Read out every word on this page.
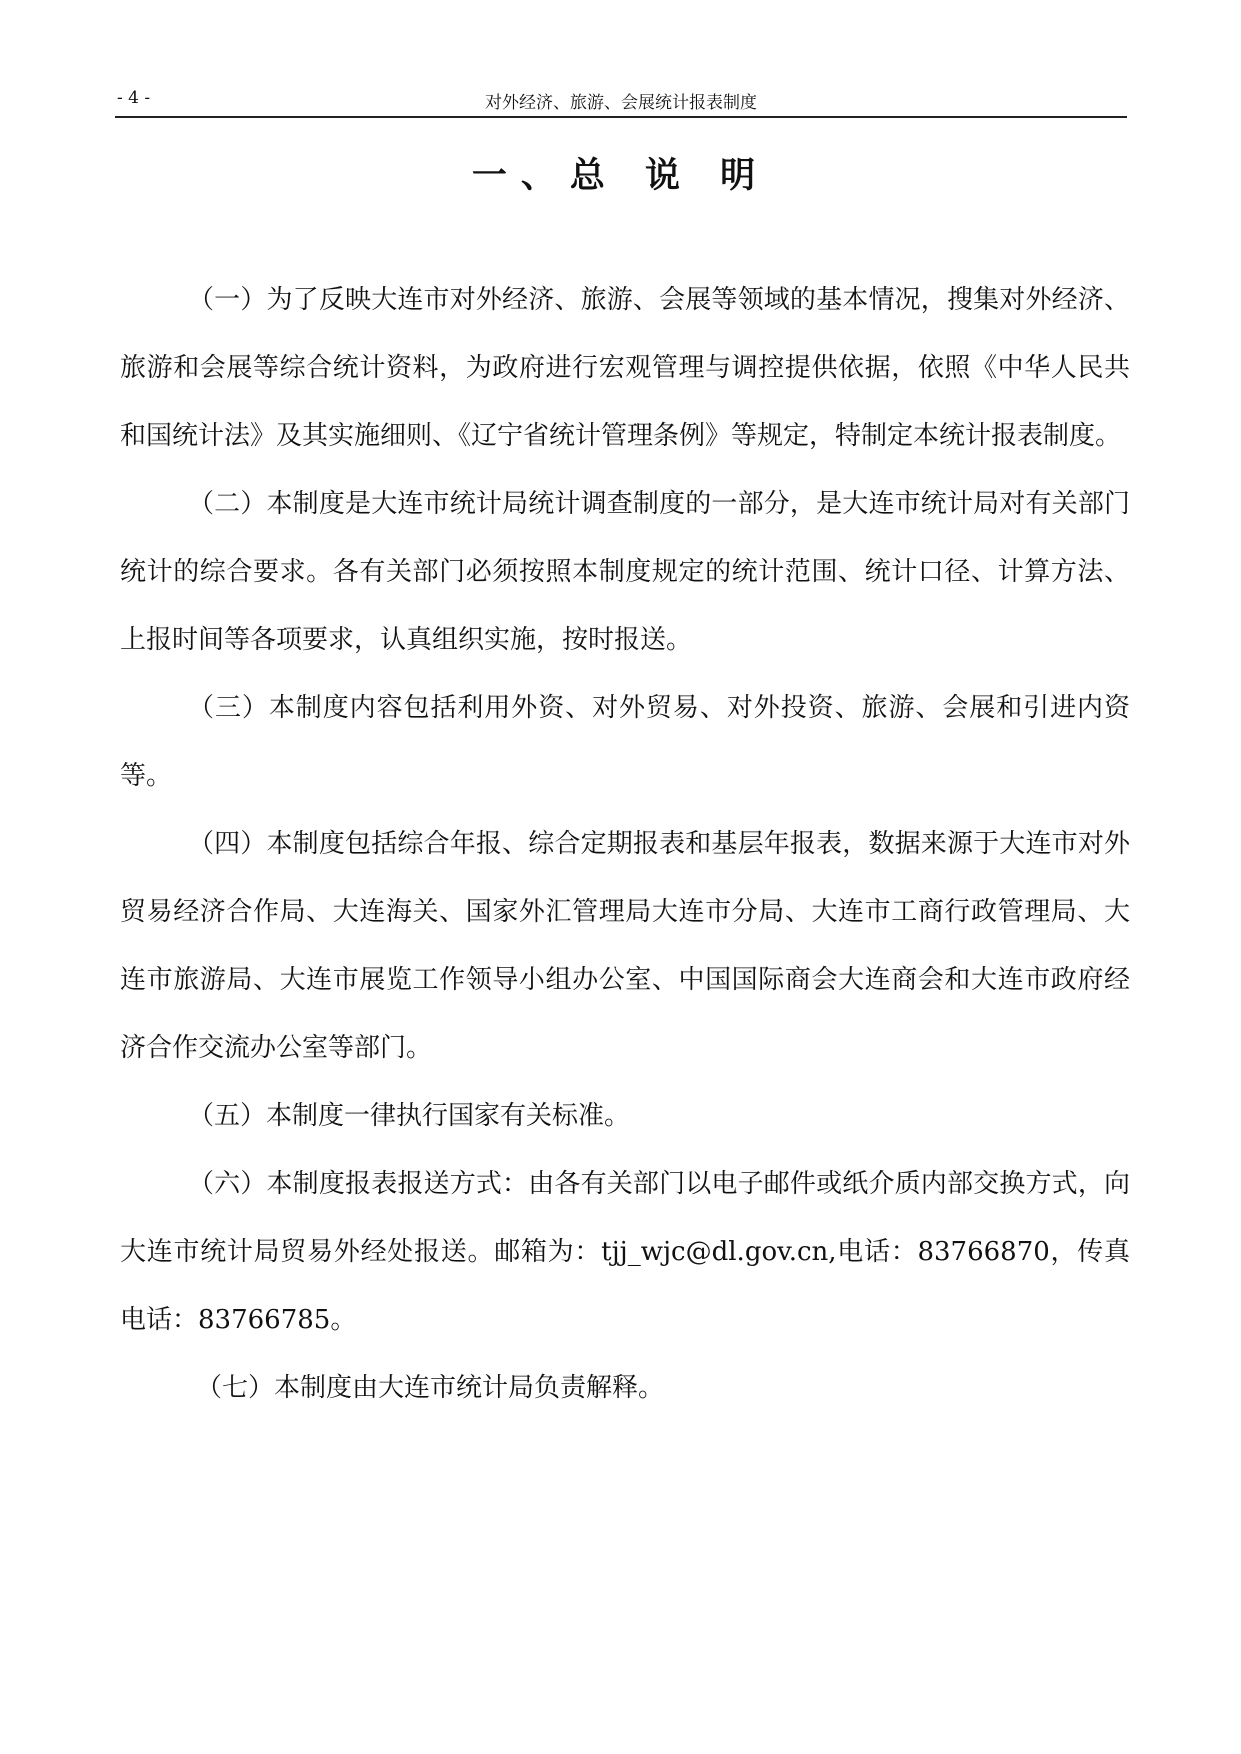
- 4 -	对外经济、旅游、会展统计报表制度
一、总 说 明

（一）为了反映大连市对外经济、旅游、会展等领域的基本情况，搜集对外经济、旅游和会展等综合统计资料，为政府进行宏观管理与调控提供依据，依照《中华人民共和国统计法》及其实施细则、《辽宁省统计管理条例》等规定，特制定本统计报表制度。

（二）本制度是大连市统计局统计调查制度的一部分，是大连市统计局对有关部门统计的综合要求。各有关部门必须按照本制度规定的统计范围、统计口径、计算方法、上报时间等各项要求，认真组织实施，按时报送。

（三）本制度内容包括利用外资、对外贸易、对外投资、旅游、会展和引进内资等。

（四）本制度包括综合年报、综合定期报表和基层年报表，数据来源于大连市对外贸易经济合作局、大连海关、国家外汇管理局大连市分局、大连市工商行政管理局、大连市旅游局、大连市展览工作领导小组办公室、中国国际商会大连商会和大连市政府经济合作交流办公室等部门。

（五）本制度一律执行国家有关标准。

（六）本制度报表报送方式：由各有关部门以电子邮件或纸介质内部交换方式，向大连市统计局贸易外经处报送。邮箱为：tjj_wjc@dl.gov.cn,电话：83766870，传真电话：83766785。

（七）本制度由大连市统计局负责解释。
